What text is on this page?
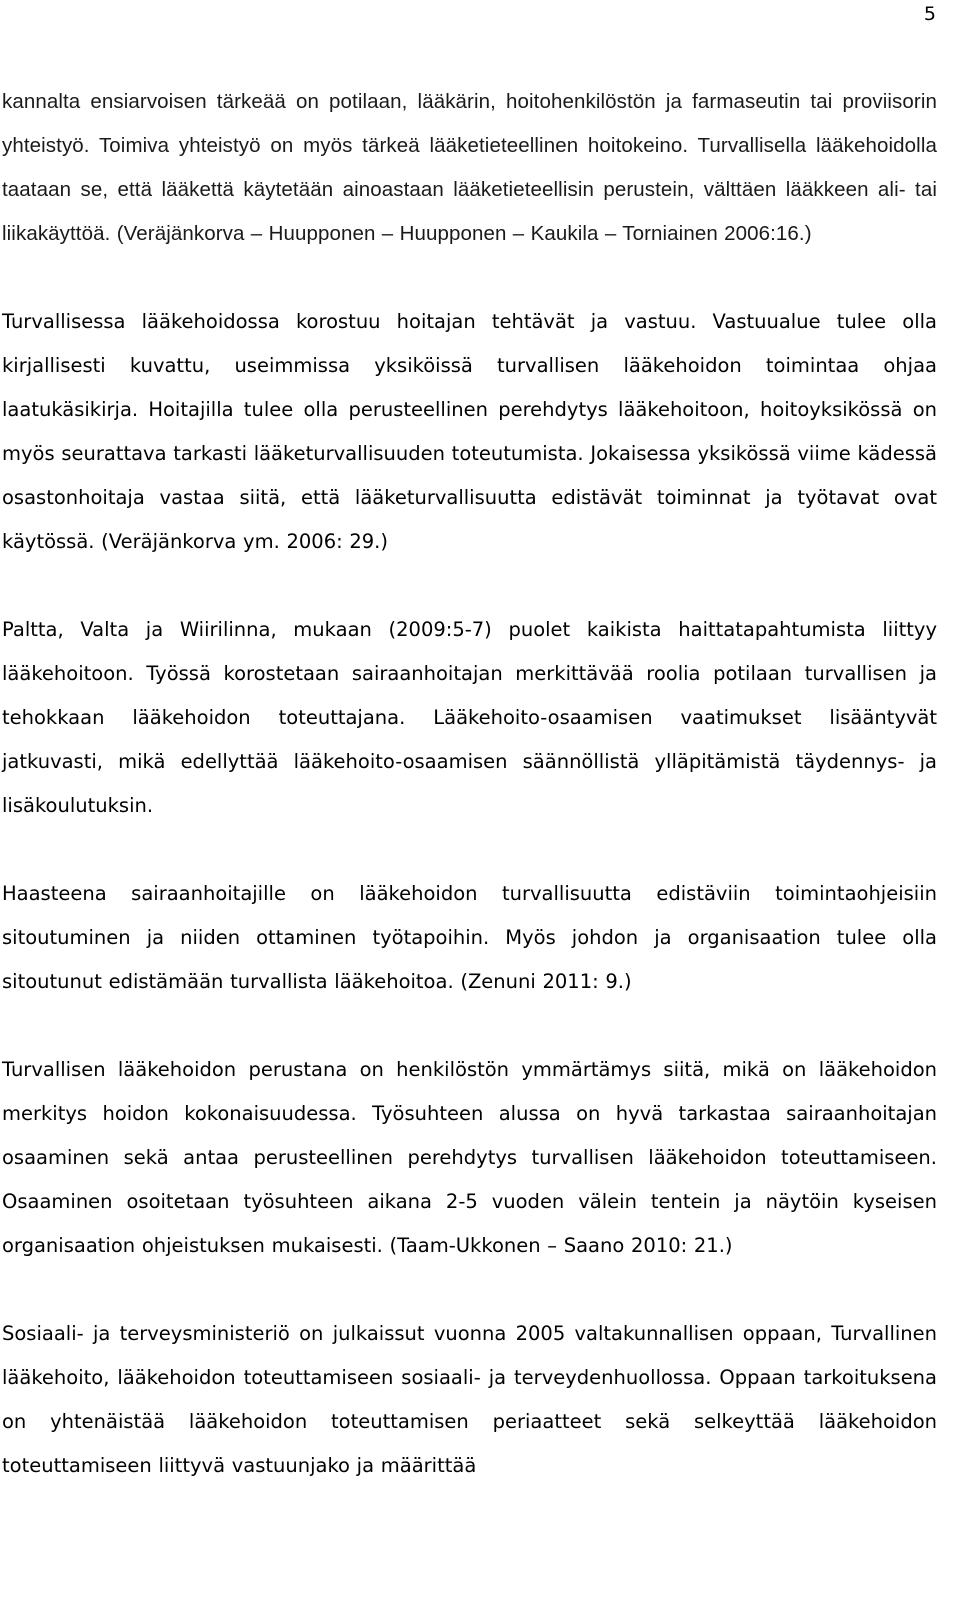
5

kannalta ensiarvoisen tärkeää on potilaan, lääkärin, hoitohenkilöstön ja farmaseutin tai proviisorin yhteistyö. Toimiva yhteistyö on myös tärkeä lääketieteellinen hoitokeino. Turvallisella lääkehoidolla taataan se, että lääkettä käytetään ainoastaan lääketieteellisin perustein, välttäen lääkkeen ali- tai liikakäyttöä. (Veräjänkorva – Huupponen – Huupponen – Kaukila – Torniainen 2006:16.)

Turvallisessa lääkehoidossa korostuu hoitajan tehtävät ja vastuu. Vastuualue tulee olla kirjallisesti kuvattu, useimmissa yksiköissä turvallisen lääkehoidon toimintaa ohjaa laatukäsikirja. Hoitajilla tulee olla perusteellinen perehdytys lääkehoitoon, hoitoyksikössä on myös seurattava tarkasti lääketurvallisuuden toteutumista. Jokaisessa yksikössä viime kädessä osastonhoitaja vastaa siitä, että lääketurvallisuutta edistävät toiminnat ja työtavat ovat käytössä. (Veräjänkorva ym. 2006: 29.)

Paltta, Valta ja Wiirilinna, mukaan (2009:5-7) puolet kaikista haittatapahtumista liittyy lääkehoitoon. Työssä korostetaan sairaanhoitajan merkittävää roolia potilaan turvallisen ja tehokkaan lääkehoidon toteuttajana. Lääkehoito-osaamisen vaatimukset lisääntyvät jatkuvasti, mikä edellyttää lääkehoito-osaamisen säännöllistä ylläpitämistä täydennys- ja lisäkoulutuksin.

Haasteena sairaanhoitajille on lääkehoidon turvallisuutta edistäviin toimintaohjeisiin sitoutuminen ja niiden ottaminen työtapoihin. Myös johdon ja organisaation tulee olla sitoutunut edistämään turvallista lääkehoitoa. (Zenuni 2011: 9.)

Turvallisen lääkehoidon perustana on henkilöstön ymmärtämys siitä, mikä on lääkehoidon merkitys hoidon kokonaisuudessa. Työsuhteen alussa on hyvä tarkastaa sairaanhoitajan osaaminen sekä antaa perusteellinen perehdytys turvallisen lääkehoidon toteuttamiseen. Osaaminen osoitetaan työsuhteen aikana 2-5 vuoden välein tentein ja näytöin kyseisen organisaation ohjeistuksen mukaisesti. (Taam-Ukkonen – Saano 2010: 21.)

Sosiaali- ja terveysministeriö on julkaissut vuonna 2005 valtakunnallisen oppaan, Turvallinen lääkehoito, lääkehoidon toteuttamiseen sosiaali- ja terveydenhuollossa. Oppaan tarkoituksena on yhtenäistää lääkehoidon toteuttamisen periaatteet sekä selkeyttää lääkehoidon toteuttamiseen liittyvä vastuunjako ja määrittää
